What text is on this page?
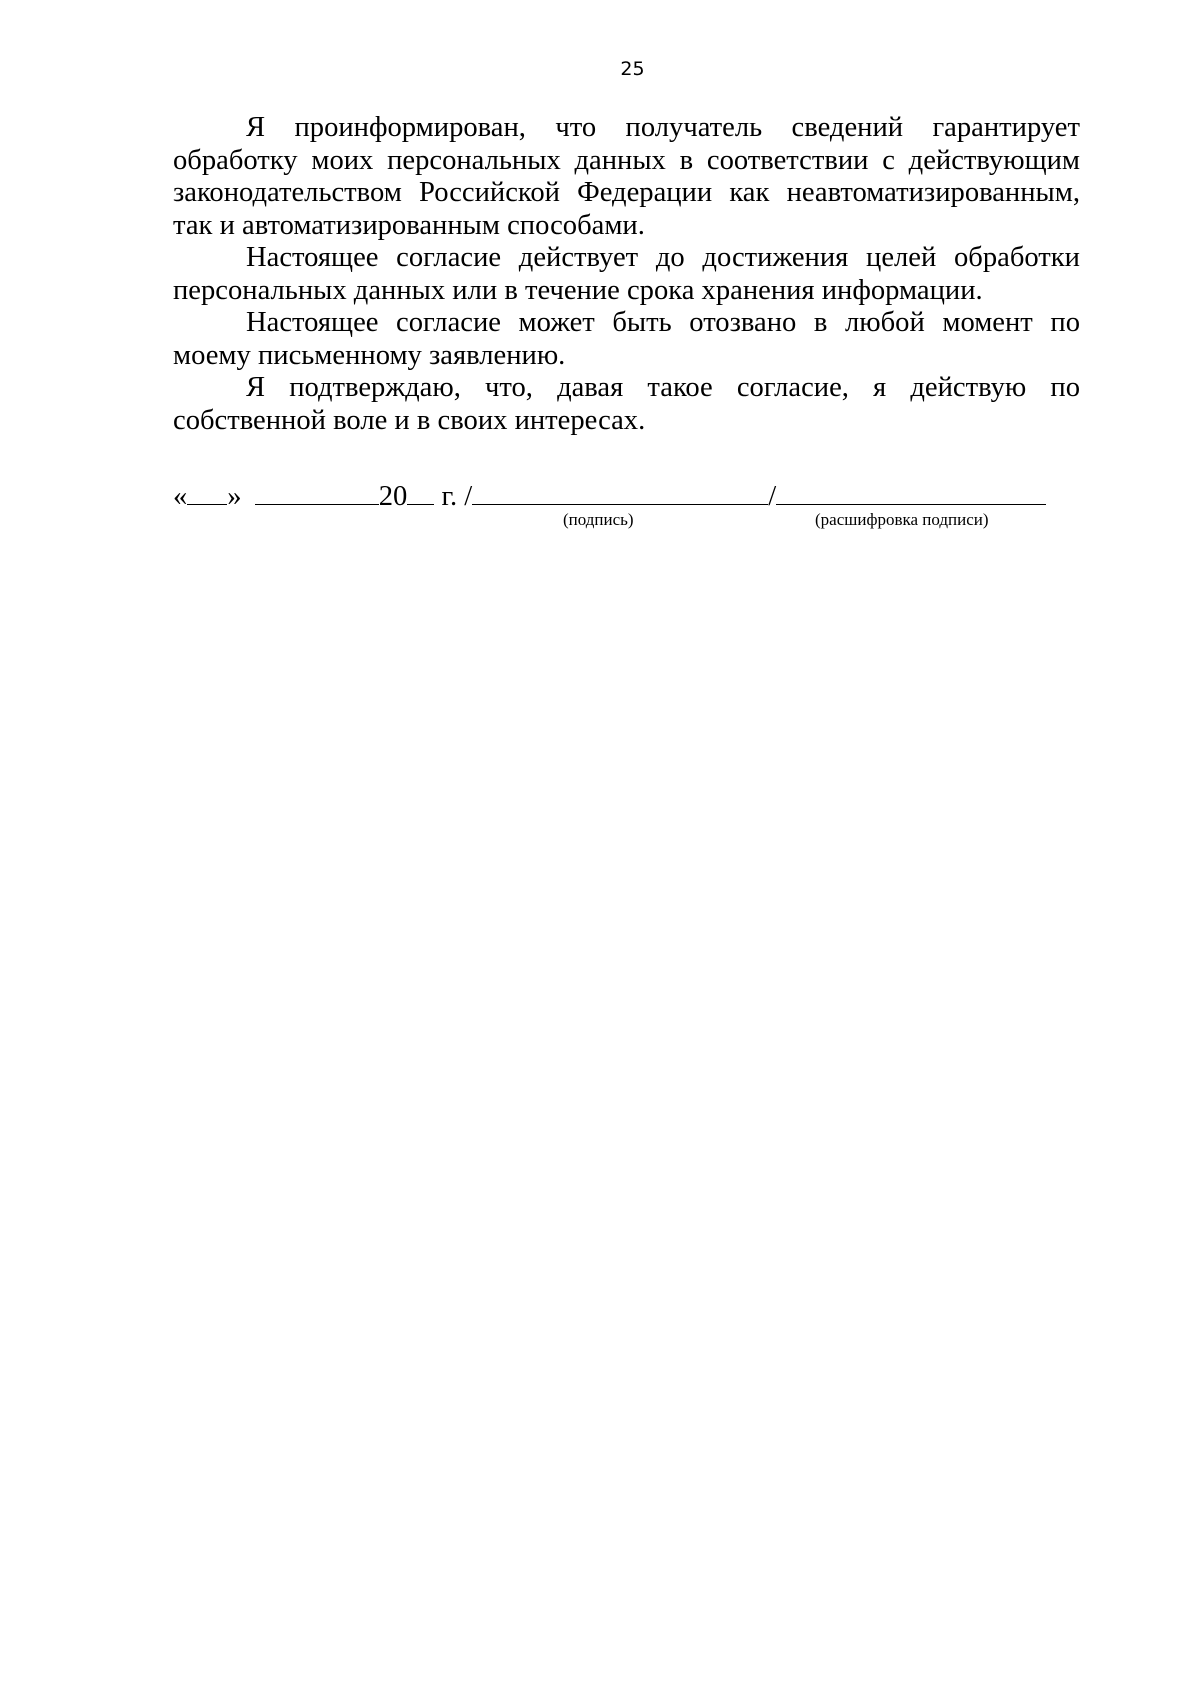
25

Я проинформирован, что получатель сведений гарантирует обработку моих персональных данных в соответствии с действующим законодательством Российской Федерации как неавтоматизированным, так и автоматизированным способами.

Настоящее согласие действует до достижения целей обработки персональных данных или в течение срока хранения информации.

Настоящее согласие может быть отозвано в любой момент по моему письменному заявлению.

Я подтверждаю, что, давая такое согласие, я действую по собственной воле и в своих интересах.

« »	20 г. /	/
(подпись)	(расшифровка подписи)
